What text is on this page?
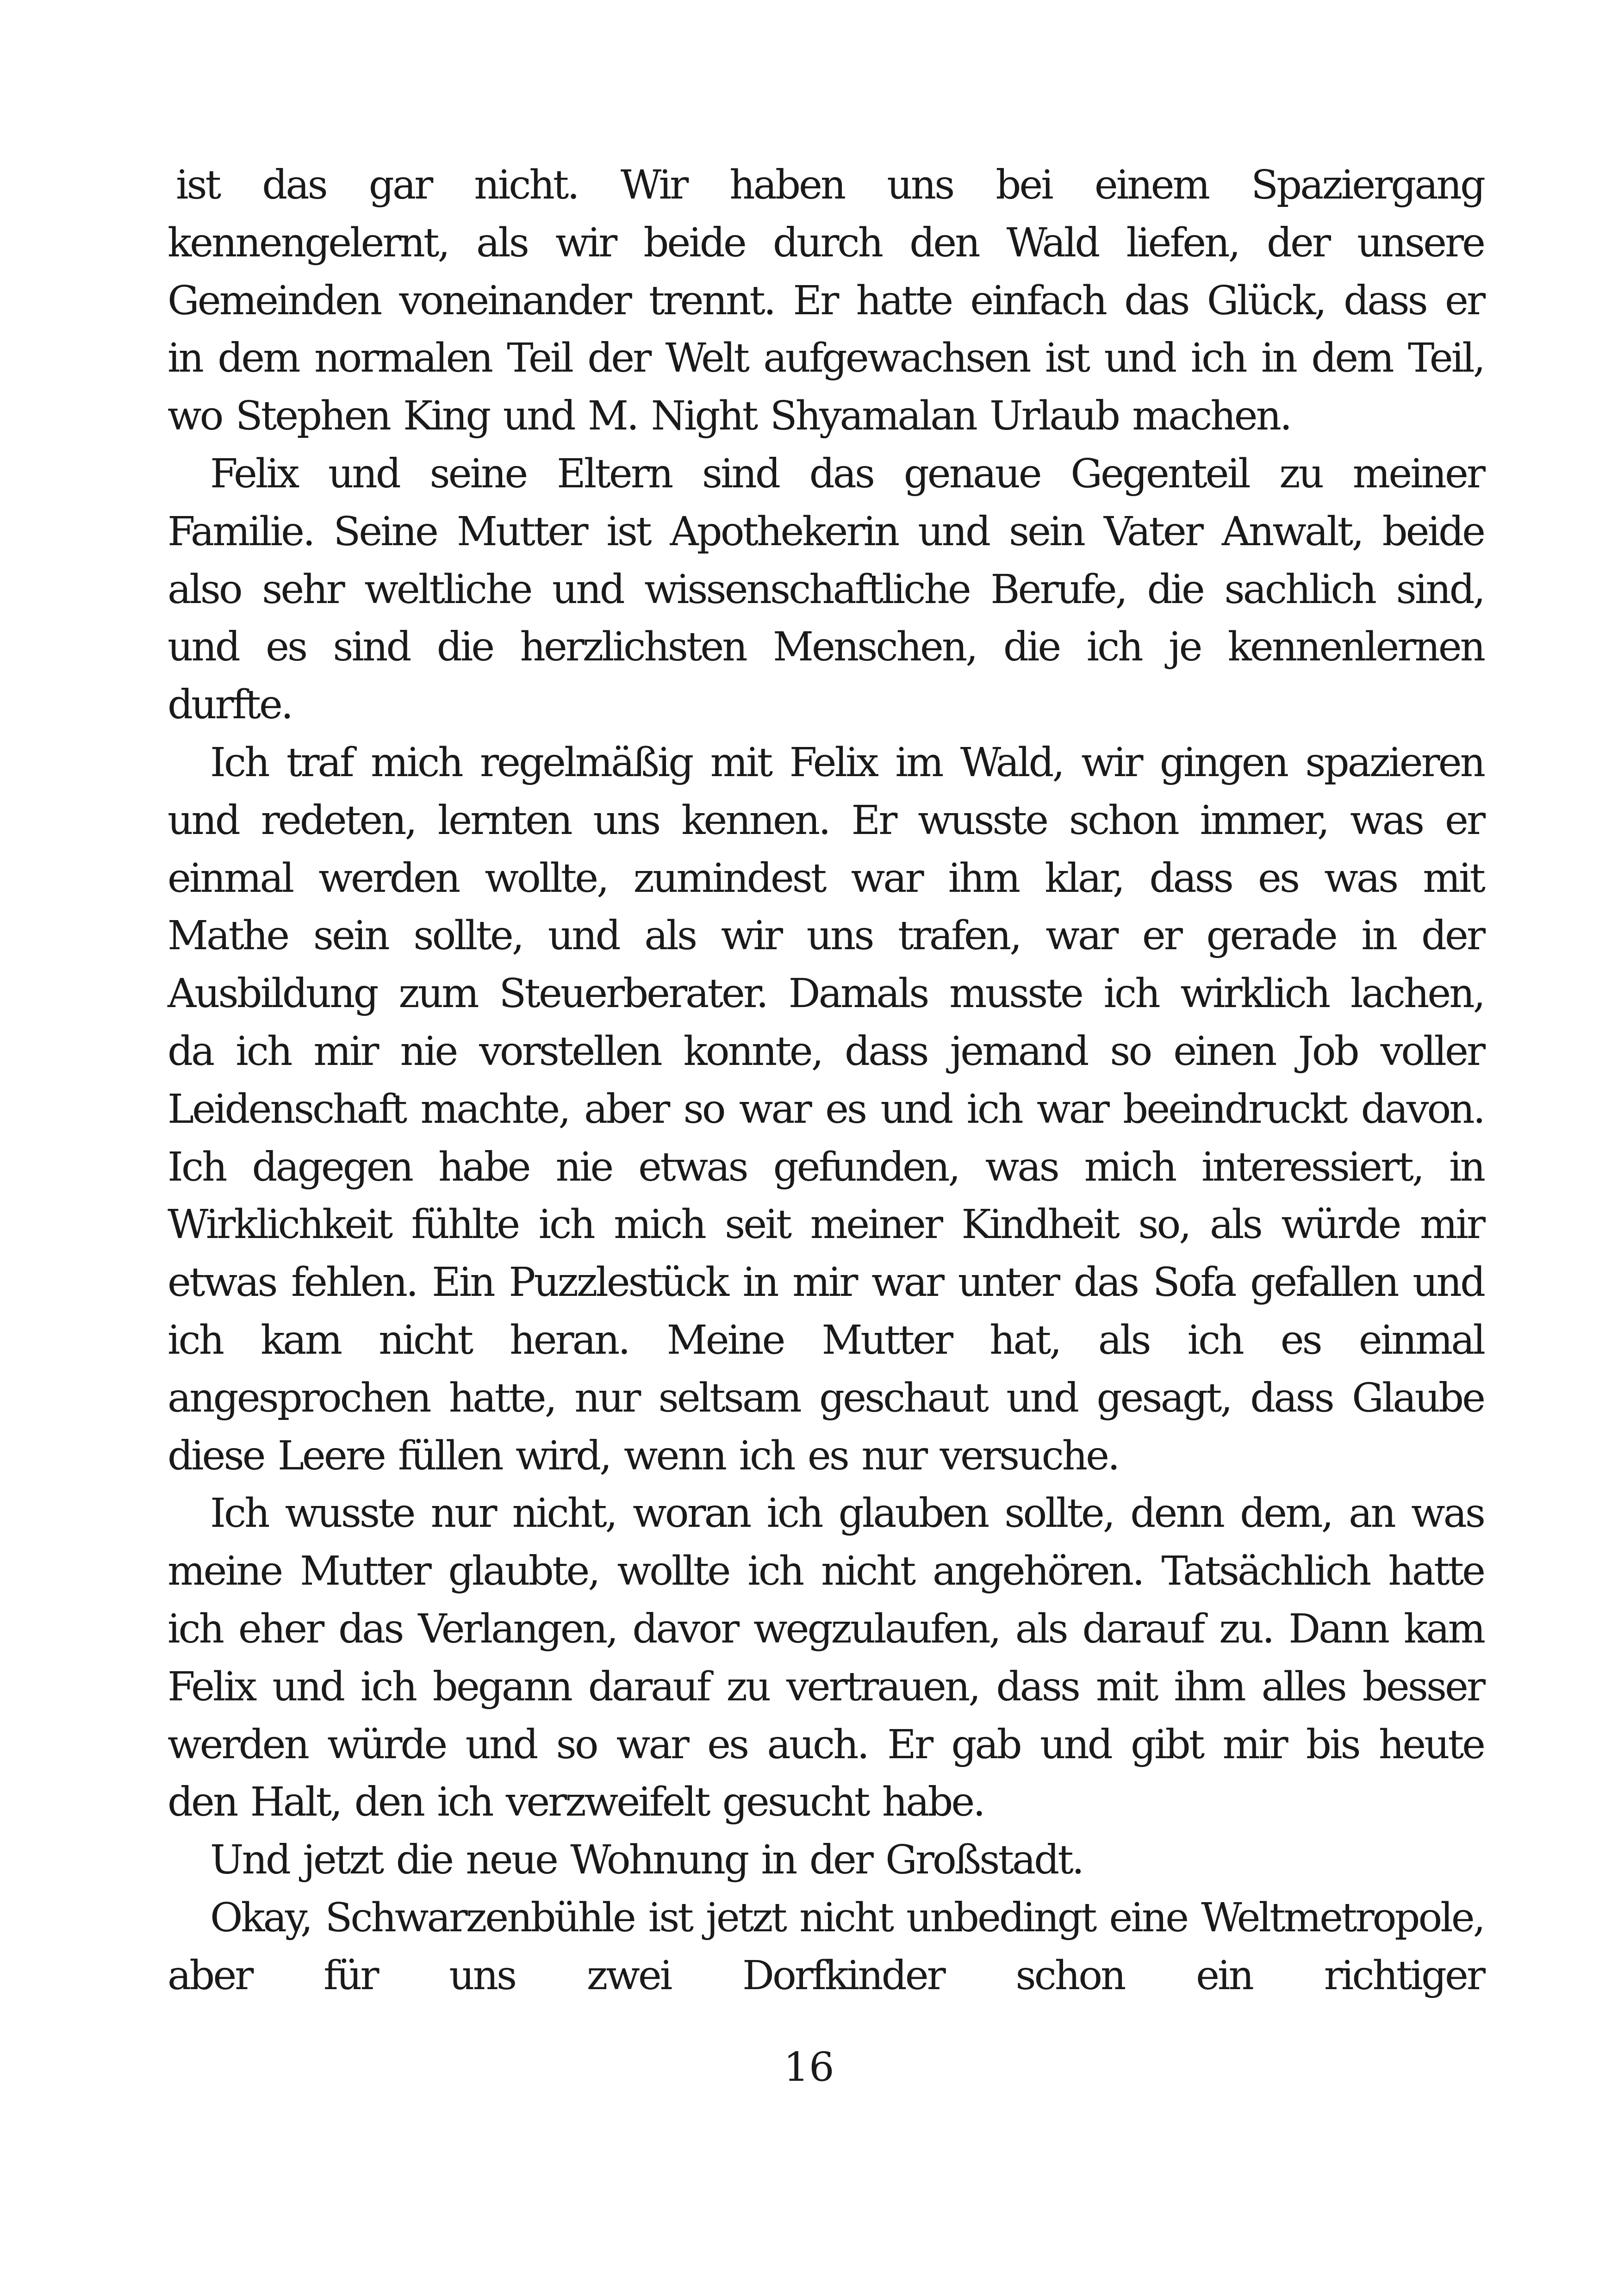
ist das gar nicht. Wir haben uns bei einem Spaziergang kennengelernt, als wir beide durch den Wald liefen, der unsere Gemeinden voneinander trennt. Er hatte einfach das Glück, dass er in dem normalen Teil der Welt aufgewachsen ist und ich in dem Teil, wo Stephen King und M. Night Shyamalan Urlaub machen.

Felix und seine Eltern sind das genaue Gegenteil zu meiner Familie. Seine Mutter ist Apothekerin und sein Vater Anwalt, beide also sehr weltliche und wissenschaftliche Berufe, die sachlich sind, und es sind die herzlichsten Menschen, die ich je kennenlernen durfte.

Ich traf mich regelmäßig mit Felix im Wald, wir gingen spazieren und redeten, lernten uns kennen. Er wusste schon immer, was er einmal werden wollte, zumindest war ihm klar, dass es was mit Mathe sein sollte, und als wir uns trafen, war er gerade in der Ausbildung zum Steuerberater. Damals musste ich wirklich lachen, da ich mir nie vorstellen konnte, dass jemand so einen Job voller Leidenschaft machte, aber so war es und ich war beeindruckt davon. Ich dagegen habe nie etwas gefunden, was mich interessiert, in Wirklichkeit fühlte ich mich seit meiner Kindheit so, als würde mir etwas fehlen. Ein Puzzlestück in mir war unter das Sofa gefallen und ich kam nicht heran. Meine Mutter hat, als ich es einmal angesprochen hatte, nur seltsam geschaut und gesagt, dass Glaube diese Leere füllen wird, wenn ich es nur versuche.

Ich wusste nur nicht, woran ich glauben sollte, denn dem, an was meine Mutter glaubte, wollte ich nicht angehören. Tatsächlich hatte ich eher das Verlangen, davor wegzulaufen, als darauf zu. Dann kam Felix und ich begann darauf zu vertrauen, dass mit ihm alles besser werden würde und so war es auch. Er gab und gibt mir bis heute den Halt, den ich verzweifelt gesucht habe.

Und jetzt die neue Wohnung in der Großstadt.

Okay, Schwarzenbühle ist jetzt nicht unbedingt eine Weltmetropole, aber für uns zwei Dorfkinder schon ein richtiger

16
